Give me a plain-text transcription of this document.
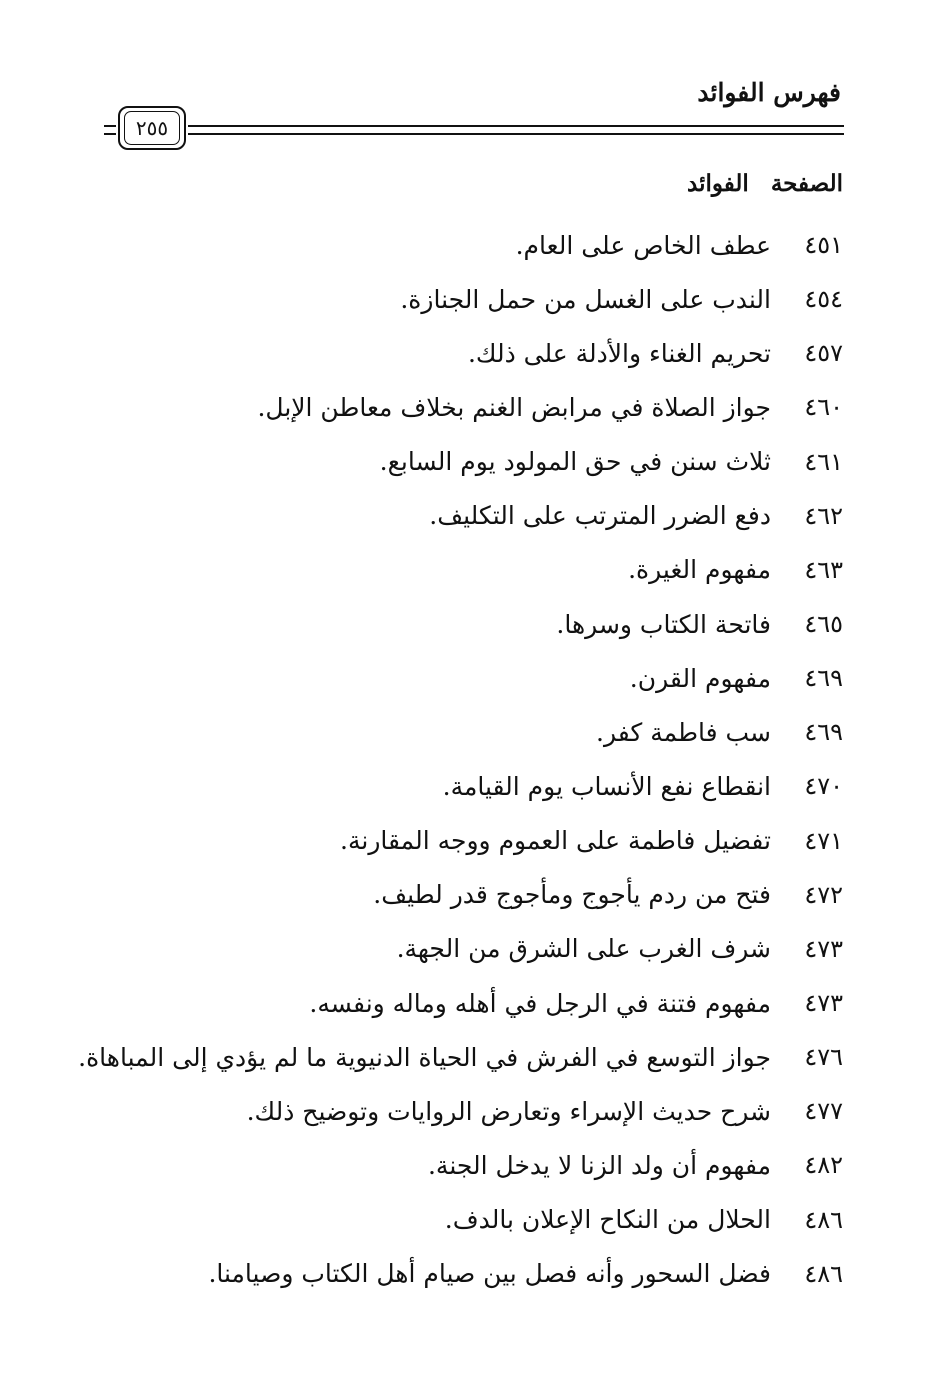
فهرس الفوائد
٢٥٥
الصفحة الفوائد
٤٥١
عطف الخاص على العام.
٤٥٤
الندب على الغسل من حمل الجنازة.
٤٥٧
تحريم الغناء والأدلة على ذلك.
٤٦٠
جواز الصلاة في مرابض الغنم بخلاف معاطن الإبل.
٤٦١
ثلاث سنن في حق المولود يوم السابع.
٤٦٢
دفع الضرر المترتب على التكليف.
٤٦٣
مفهوم الغيرة.
٤٦٥
فاتحة الكتاب وسرها.
٤٦٩
مفهوم القرن.
٤٦٩
سب فاطمة كفر.
٤٧٠
انقطاع نفع الأنساب يوم القيامة.
٤٧١
تفضيل فاطمة على العموم ووجه المقارنة.
٤٧٢
فتح من ردم يأجوج ومأجوج قدر لطيف.
٤٧٣
شرف الغرب على الشرق من الجهة.
٤٧٣
مفهوم فتنة في الرجل في أهله وماله ونفسه.
٤٧٦
جواز التوسع في الفرش في الحياة الدنيوية ما لم يؤدي إلى المباهاة.
٤٧٧
شرح حديث الإسراء وتعارض الروايات وتوضيح ذلك.
٤٨٢
مفهوم أن ولد الزنا لا يدخل الجنة.
٤٨٦
الحلال من النكاح الإعلان بالدف.
٤٨٦
فضل السحور وأنه فصل بين صيام أهل الكتاب وصيامنا.
